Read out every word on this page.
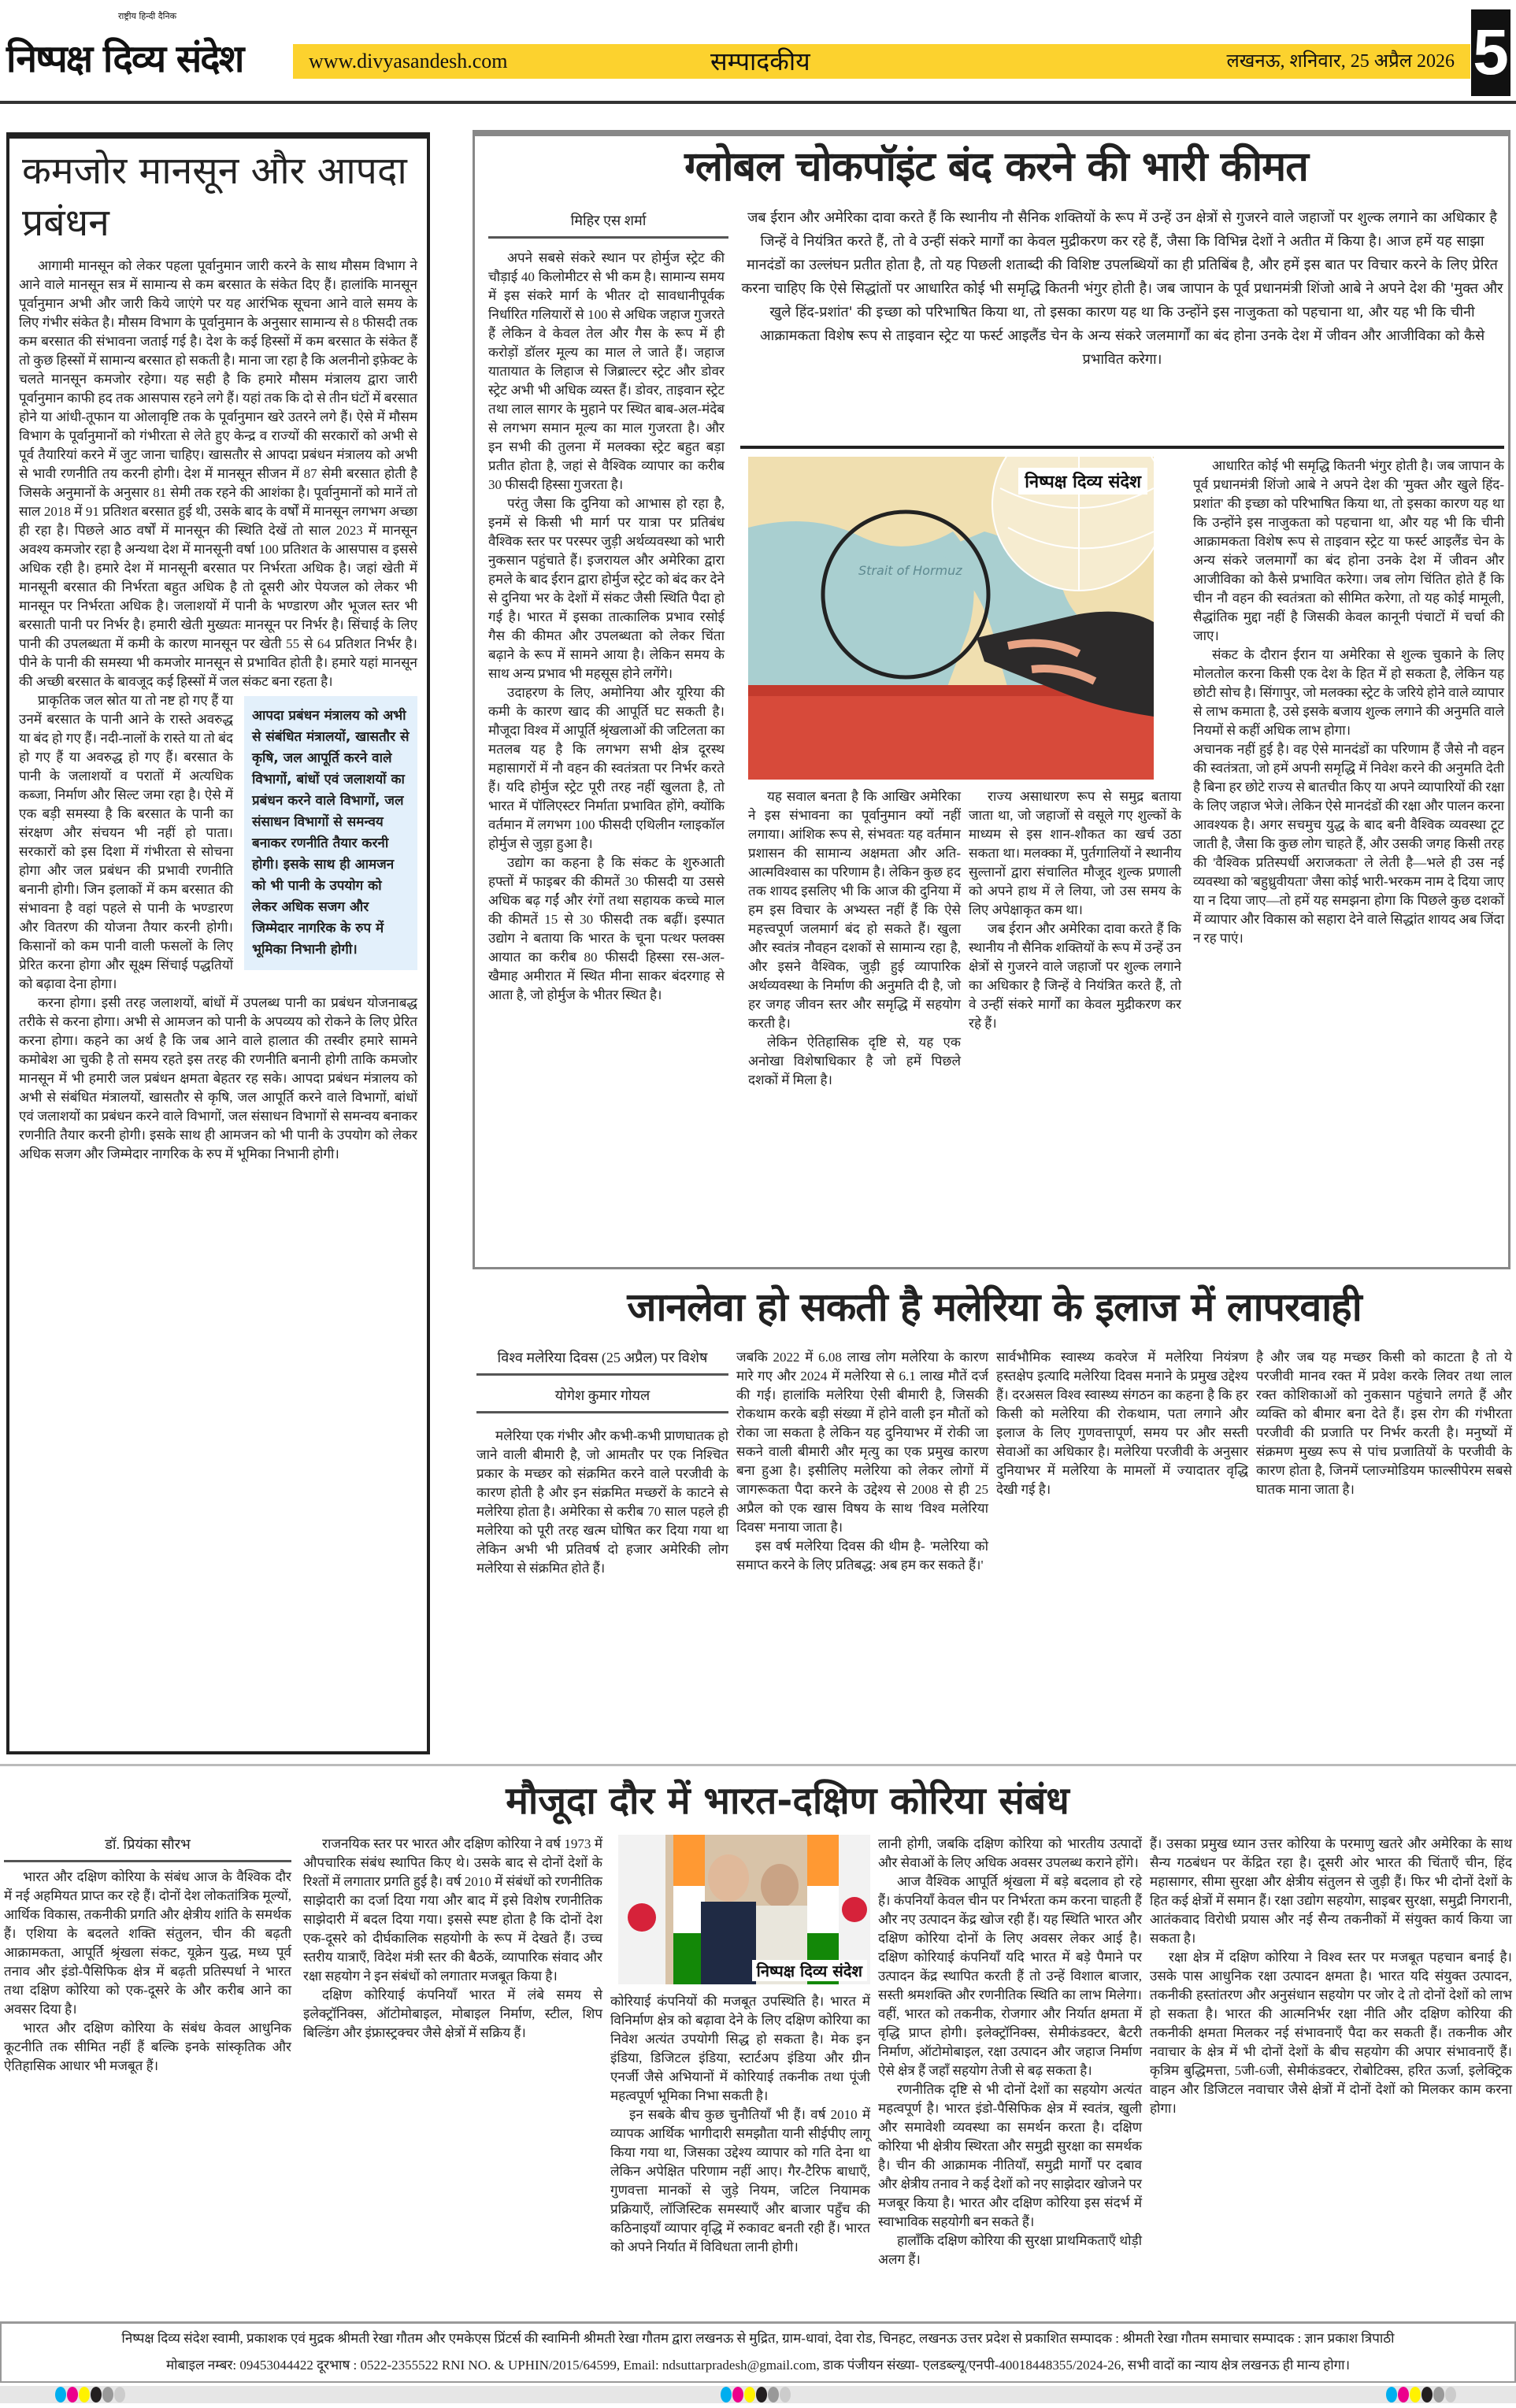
राष्ट्रीय हिन्दी दैनिक
निष्पक्ष दिव्य संदेश	www.divyasandesh.com	सम्पादकीय	लखनऊ, शनिवार, 25 अप्रैल 2026 5
कमजोर मानसून और आपदा प्रबंधन

आगामी मानसून को लेकर पहला पूर्वानुमान जारी करने के साथ मौसम विभाग ने आने वाले मानसून सत्र में सामान्य से कम बरसात के संकेत दिए हैं। हालांकि मानसून पूर्वानुमान अभी और जारी किये जाएंगे पर यह आरंभिक सूचना आने वाले समय के लिए गंभीर संकेत है। मौसम विभाग के पूर्वानुमान के अनुसार सामान्य से 8 फीसदी तक कम बरसात की संभावना जताई गई है। देश के कई हिस्सों में कम बरसात के संकेत हैं तो कुछ हिस्सों में सामान्य बरसात हो सकती है। माना जा रहा है कि अलनीनो इफ़ेक्ट के चलते मानसून कमजोर रहेगा। यह सही है कि हमारे मौसम मंत्रालय द्वारा जारी पूर्वानुमान काफी हद तक आसपास रहने लगे हैं। यहां तक कि दो से तीन घंटों में बरसात होने या आंधी-तूफान या ओलावृष्टि तक के पूर्वानुमान खरे उतरने लगे हैं। ऐसे में मौसम विभाग के पूर्वानुमानों को गंभीरता से लेते हुए केन्द्र व राज्यों की सरकारों को अभी से पूर्व तैयारियां करने में जुट जाना चाहिए। खासतौर से आपदा प्रबंधन मंत्रालय को अभी से भावी रणनीति तय करनी होगी। देश में मानसून सीजन में 87 सेमी बरसात होती है जिसके अनुमानों के अनुसार 81 सेमी तक रहने की आशंका है। पूर्वानुमानों को मानें तो साल 2018 में 91 प्रतिशत बरसात हुई थी, उसके बाद के वर्षों में मानसून लगभग अच्छा ही रहा है। पिछले आठ वर्षों में मानसून की स्थिति देखें तो साल 2023 में मानसून अवश्य कमजोर रहा है अन्यथा देश में मानसूनी वर्षा 100 प्रतिशत के आसपास व इससे अधिक रही है। हमारे देश में मानसूनी बरसात पर निर्भरता अधिक है। जहां खेती में मानसूनी बरसात की निर्भरता बहुत अधिक है तो दूसरी ओर पेयजल को लेकर भी मानसून पर निर्भरता अधिक है। जलाशयों में पानी के भण्डारण और भूजल स्तर भी बरसाती पानी पर निर्भर है। हमारी खेती मुख्यतः मानसून पर निर्भर है। सिंचाई के लिए पानी की उपलब्धता में कमी के कारण मानसून पर खेती 55 से 64 प्रतिशत निर्भर है। पीने के पानी की समस्या भी कमजोर मानसून से प्रभावित होती है। हमारे यहां मानसून की अच्छी बरसात के बावजूद कई हिस्सों में जल संकट बना रहता है।

आपदा प्रबंधन मंत्रालय को अभी से संबंधित मंत्रालयों, खासतौर से कृषि, जल आपूर्ति करने वाले विभागों, बांधों एवं जलाशयों का प्रबंधन करने वाले विभागों, जल संसाधन विभागों से समन्वय बनाकर रणनीति तैयार करनी होगी। इसके साथ ही आमजन को भी पानी के उपयोग को लेकर अधिक सजग और जिम्मेदार नागरिक के रुप में भूमिका निभानी होगी।

प्राकृतिक जल स्रोत या तो नष्ट हो गए हैं या उनमें बरसात के पानी आने के रास्ते अवरुद्ध या बंद हो गए हैं। नदी-नालों के रास्ते या तो बंद हो गए हैं या अवरुद्ध हो गए हैं। बरसात के पानी के जलाशयों व परातों में अत्यधिक कब्जा, निर्माण और सिल्ट जमा रहा है। ऐसे में एक बड़ी समस्या है कि बरसात के पानी का संरक्षण और संचयन भी नहीं हो पाता। सरकारों को इस दिशा में गंभीरता से सोचना होगा और जल प्रबंधन की प्रभावी रणनीति बनानी होगी। जिन इलाकों में कम बरसात की संभावना है वहां पहले से पानी के भण्डारण और वितरण की योजना तैयार करनी होगी। किसानों को कम पानी वाली फसलों के लिए प्रेरित करना होगा और सूक्ष्म सिंचाई पद्धतियों को बढ़ावा देना होगा।

करना होगा। इसी तरह जलाशयों, बांधों में उपलब्ध पानी का प्रबंधन योजनाबद्ध तरीके से करना होगा। अभी से आमजन को पानी के अपव्यय को रोकने के लिए प्रेरित करना होगा। कहने का अर्थ है कि जब आने वाले हालात की तस्वीर हमारे सामने कमोबेश आ चुकी है तो समय रहते इस तरह की रणनीति बनानी होगी ताकि कमजोर मानसून में भी हमारी जल प्रबंधन क्षमता बेहतर रह सके। आपदा प्रबंधन मंत्रालय को अभी से संबंधित मंत्रालयों, खासतौर से कृषि, जल आपूर्ति करने वाले विभागों, बांधों एवं जलाशयों का प्रबंधन करने वाले विभागों, जल संसाधन विभागों से समन्वय बनाकर रणनीति तैयार करनी होगी। इसके साथ ही आमजन को भी पानी के उपयोग को लेकर अधिक सजग और जिम्मेदार नागरिक के रुप में भूमिका निभानी होगी।

ग्लोबल चोकपॉइंट बंद करने की भारी कीमत
मिहिर एस शर्मा	जब ईरान और अमेरिका दावा करते हैं कि स्थानीय नौ सैनिक शक्तियों के रूप में उन्हें उन क्षेत्रों से गुजरने वाले जहाजों पर शुल्क लगाने का अधिकार है जिन्हें वे नियंत्रित करते हैं, तो वे उन्हीं संकरे मार्गों का केवल मुद्रीकरण कर रहे हैं, जैसा कि विभिन्न देशों ने अतीत में किया है। आज हमें यह साझा मानदंडों का उल्लंघन प्रतीत होता है, तो यह पिछली शताब्दी की विशिष्ट उपलब्धियों का ही प्रतिबिंब है, और हमें इस बात पर विचार करने के लिए प्रेरित करना चाहिए कि ऐसे सिद्धांतों पर आधारित कोई भी समृद्धि कितनी भंगुर होती है। जब जापान के पूर्व प्रधानमंत्री शिंजो आबे ने अपने देश की 'मुक्त और खुले हिंद-प्रशांत' की इच्छा को परिभाषित किया था, तो इसका कारण यह था कि उन्होंने इस नाजुकता को पहचाना था, और यह भी कि चीनी आक्रामकता विशेष रूप से ताइवान स्ट्रेट या फर्स्ट आइलैंड चेन के अन्य संकरे जलमार्गों का बंद होना उनके देश में जीवन और आजीविका को कैसे प्रभावित करेगा।

अपने सबसे संकरे स्थान पर होर्मुज स्ट्रेट की चौड़ाई 40 किलोमीटर से भी कम है। सामान्य समय में इस संकरे मार्ग के भीतर दो सावधानीपूर्वक निर्धारित गलियारों से 100 से अधिक जहाज गुजरते हैं लेकिन वे केवल तेल और गैस के रूप में ही करोड़ों डॉलर मूल्य का माल ले जाते हैं। जहाज यातायात के लिहाज से जिब्राल्टर स्ट्रेट और डोवर स्ट्रेट अभी भी अधिक व्यस्त हैं। डोवर, ताइवान स्ट्रेट तथा लाल सागर के मुहाने पर स्थित बाब-अल-मंदेब से लगभग समान मूल्य का माल गुजरता है। और इन सभी की तुलना में मलक्का स्ट्रेट बहुत बड़ा प्रतीत होता है, जहां से वैश्विक व्यापार का करीब 30 फीसदी हिस्सा गुजरता है।

परंतु जैसा कि दुनिया को आभास हो रहा है, इनमें से किसी भी मार्ग पर यात्रा पर प्रतिबंध वैश्विक स्तर पर परस्पर जुड़ी अर्थव्यवस्था को भारी नुकसान पहुंचाते हैं। इजरायल और अमेरिका द्वारा हमले के बाद ईरान द्वारा होर्मुज स्ट्रेट को बंद कर देने से दुनिया भर के देशों में संकट जैसी स्थिति पैदा हो गई है। भारत में इसका तात्कालिक प्रभाव रसोई गैस की कीमत और उपलब्धता को लेकर चिंता बढ़ाने के रूप में सामने आया है। लेकिन समय के साथ अन्य प्रभाव भी महसूस होने लगेंगे।

उदाहरण के लिए, अमोनिया और यूरिया की कमी के कारण खाद की आपूर्ति घट सकती है। मौजूदा विश्व में आपूर्ति श्रृंखलाओं की जटिलता का मतलब यह है कि लगभग सभी क्षेत्र दूरस्थ महासागरों में नौ वहन की स्वतंत्रता पर निर्भर करते हैं। यदि होर्मुज स्ट्रेट पूरी तरह नहीं खुलता है, तो भारत में पॉलिएस्टर निर्माता प्रभावित होंगे, क्योंकि वर्तमान में लगभग 100 फीसदी एथिलीन ग्लाइकॉल होर्मुज से जुड़ा हुआ है।

उद्योग का कहना है कि संकट के शुरुआती हफ्तों में फाइबर की कीमतें 30 फीसदी या उससे अधिक बढ़ गईं और रंगों तथा सहायक कच्चे माल की कीमतें 15 से 30 फीसदी तक बढ़ीं। इस्पात उद्योग ने बताया कि भारत के चूना पत्थर फ्लक्स आयात का करीब 80 फीसदी हिस्सा रस-अल-खैमाह अमीरात में स्थित मीना साकर बंदरगाह से आता है, जो होर्मुज के भीतर स्थित है।

Strait of Hormuz
निष्पक्ष दिव्य संदेश

यह सवाल बनता है कि आखिर अमेरिका ने इस संभावना का पूर्वानुमान क्यों नहीं लगाया। आंशिक रूप से, संभवतः यह वर्तमान प्रशासन की सामान्य अक्षमता और अति-आत्मविश्वास का परिणाम है। लेकिन कुछ हद तक शायद इसलिए भी कि आज की दुनिया में हम इस विचार के अभ्यस्त नहीं हैं कि ऐसे महत्त्वपूर्ण जलमार्ग बंद हो सकते हैं। खुला और स्वतंत्र नौवहन दशकों से सामान्य रहा है, और इसने वैश्विक, जुड़ी हुई व्यापारिक अर्थव्यवस्था के निर्माण की अनुमति दी है, जो हर जगह जीवन स्तर और समृद्धि में सहयोग करती है।

लेकिन ऐतिहासिक दृष्टि से, यह एक अनोखा विशेषाधिकार है जो हमें पिछले दशकों में मिला है।

राज्य असाधारण रूप से समुद्र बताया जाता था, जो जहाजों से वसूले गए शुल्कों के माध्यम से इस शान-शौकत का खर्च उठा सकता था। मलक्का में, पुर्तगालियों ने स्थानीय सुल्तानों द्वारा संचालित मौजूद शुल्क प्रणाली को अपने हाथ में ले लिया, जो उस समय के लिए अपेक्षाकृत कम था।

जब ईरान और अमेरिका दावा करते हैं कि स्थानीय नौ सैनिक शक्तियों के रूप में उन्हें उन क्षेत्रों से गुजरने वाले जहाजों पर शुल्क लगाने का अधिकार है जिन्हें वे नियंत्रित करते हैं, तो वे उन्हीं संकरे मार्गों का केवल मुद्रीकरण कर रहे हैं।

आधारित कोई भी समृद्धि कितनी भंगुर होती है। जब जापान के पूर्व प्रधानमंत्री शिंजो आबे ने अपने देश की 'मुक्त और खुले हिंद-प्रशांत' की इच्छा को परिभाषित किया था, तो इसका कारण यह था कि उन्होंने इस नाजुकता को पहचाना था, और यह भी कि चीनी आक्रामकता विशेष रूप से ताइवान स्ट्रेट या फर्स्ट आइलैंड चेन के अन्य संकरे जलमार्गों का बंद होना उनके देश में जीवन और आजीविका को कैसे प्रभावित करेगा। जब लोग चिंतित होते हैं कि चीन नौ वहन की स्वतंत्रता को सीमित करेगा, तो यह कोई मामूली, सैद्धांतिक मुद्दा नहीं है जिसकी केवल कानूनी पंचाटों में चर्चा की जाए।

संकट के दौरान ईरान या अमेरिका से शुल्क चुकाने के लिए मोलतोल करना किसी एक देश के हित में हो सकता है, लेकिन यह छोटी सोच है। सिंगापुर, जो मलक्का स्ट्रेट के जरिये होने वाले व्यापार से लाभ कमाता है, उसे इसके बजाय शुल्क लगाने की अनुमति वाले नियमों से कहीं अधिक लाभ होगा।

अचानक नहीं हुई है। वह ऐसे मानदंडों का परिणाम हैं जैसे नौ वहन की स्वतंत्रता, जो हमें अपनी समृद्धि में निवेश करने की अनुमति देती है बिना हर छोटे राज्य से बातचीत किए या अपने व्यापारियों की रक्षा के लिए जहाज भेजे। लेकिन ऐसे मानदंडों की रक्षा और पालन करना आवश्यक है। अगर सचमुच युद्ध के बाद बनी वैश्विक व्यवस्था टूट जाती है, जैसा कि कुछ लोग चाहते हैं, और उसकी जगह किसी तरह की 'वैश्विक प्रतिस्पर्धी अराजकता' ले लेती है—भले ही उस नई व्यवस्था को 'बहुध्रुवीयता' जैसा कोई भारी-भरकम नाम दे दिया जाए या न दिया जाए—तो हमें यह समझना होगा कि पिछले कुछ दशकों में व्यापार और विकास को सहारा देने वाले सिद्धांत शायद अब जिंदा न रह पाएं।

जानलेवा हो सकती है मलेरिया के इलाज में लापरवाही
विश्व मलेरिया दिवस (25 अप्रैल) पर विशेष
योगेश कुमार गोयल

मलेरिया एक गंभीर और कभी-कभी प्राणघातक हो जाने वाली बीमारी है, जो आमतौर पर एक निश्चित प्रकार के मच्छर को संक्रमित करने वाले परजीवी के कारण होती है और इन संक्रमित मच्छरों के काटने से मलेरिया होता है। अमेरिका से करीब 70 साल पहले ही मलेरिया को पूरी तरह खत्म घोषित कर दिया गया था लेकिन अभी भी प्रतिवर्ष दो हजार अमेरिकी लोग मलेरिया से संक्रमित होते हैं।

जबकि 2022 में 6.08 लाख लोग मलेरिया के कारण मारे गए और 2024 में मलेरिया से 6.1 लाख मौतें दर्ज की गई। हालांकि मलेरिया ऐसी बीमारी है, जिसकी रोकथाम करके बड़ी संख्या में होने वाली इन मौतों को रोका जा सकता है लेकिन यह दुनियाभर में रोकी जा सकने वाली बीमारी और मृत्यु का एक प्रमुख कारण बना हुआ है। इसीलिए मलेरिया को लेकर लोगों में जागरूकता पैदा करने के उद्देश्य से 2008 से ही 25 अप्रैल को एक खास विषय के साथ 'विश्व मलेरिया दिवस' मनाया जाता है।

इस वर्ष मलेरिया दिवस की थीम है- 'मलेरिया को समाप्त करने के लिए प्रतिबद्ध: अब हम कर सकते हैं।'

सार्वभौमिक स्वास्थ्य कवरेज में मलेरिया नियंत्रण हस्तक्षेप इत्यादि मलेरिया दिवस मनाने के प्रमुख उद्देश्य हैं। दरअसल विश्व स्वास्थ्य संगठन का कहना है कि हर किसी को मलेरिया की रोकथाम, पता लगाने और इलाज के लिए गुणवत्तापूर्ण, समय पर और सस्ती सेवाओं का अधिकार है। मलेरिया परजीवी के अनुसार दुनियाभर में मलेरिया के मामलों में ज्यादातर वृद्धि देखी गई है।

है और जब यह मच्छर किसी को काटता है तो ये परजीवी मानव रक्त में प्रवेश करके लिवर तथा लाल रक्त कोशिकाओं को नुकसान पहुंचाने लगते हैं और व्यक्ति को बीमार बना देते हैं। इस रोग की गंभीरता परजीवी की प्रजाति पर निर्भर करती है। मनुष्यों में संक्रमण मुख्य रूप से पांच प्रजातियों के परजीवी के कारण होता है, जिनमें प्लाज्मोडियम फाल्सीपेरम सबसे घातक माना जाता है।

मौजूदा दौर में भारत-दक्षिण कोरिया संबंध
डॉ. प्रियंका सौरभ

भारत और दक्षिण कोरिया के संबंध आज के वैश्विक दौर में नई अहमियत प्राप्त कर रहे हैं। दोनों देश लोकतांत्रिक मूल्यों, आर्थिक विकास, तकनीकी प्रगति और क्षेत्रीय शांति के समर्थक हैं। एशिया के बदलते शक्ति संतुलन, चीन की बढ़ती आक्रामकता, आपूर्ति श्रृंखला संकट, यूक्रेन युद्ध, मध्य पूर्व तनाव और इंडो-पैसिफिक क्षेत्र में बढ़ती प्रतिस्पर्धा ने भारत तथा दक्षिण कोरिया को एक-दूसरे के और करीब आने का अवसर दिया है।

भारत और दक्षिण कोरिया के संबंध केवल आधुनिक कूटनीति तक सीमित नहीं हैं बल्कि इनके सांस्कृतिक और ऐतिहासिक आधार भी मजबूत हैं।

राजनयिक स्तर पर भारत और दक्षिण कोरिया ने वर्ष 1973 में औपचारिक संबंध स्थापित किए थे। उसके बाद से दोनों देशों के रिश्तों में लगातार प्रगति हुई है। वर्ष 2010 में संबंधों को रणनीतिक साझेदारी का दर्जा दिया गया और बाद में इसे विशेष रणनीतिक साझेदारी में बदल दिया गया। इससे स्पष्ट होता है कि दोनों देश एक-दूसरे को दीर्घकालिक सहयोगी के रूप में देखते हैं। उच्च स्तरीय यात्राएँ, विदेश मंत्री स्तर की बैठकें, व्यापारिक संवाद और रक्षा सहयोग ने इन संबंधों को लगातार मजबूत किया है।

दक्षिण कोरियाई कंपनियाँ भारत में लंबे समय से इलेक्ट्रॉनिक्स, ऑटोमोबाइल, मोबाइल निर्माण, स्टील, शिप बिल्डिंग और इंफ्रास्ट्रक्चर जैसे क्षेत्रों में सक्रिय हैं।

निष्पक्ष दिव्य संदेश

कोरियाई कंपनियों की मजबूत उपस्थिति है। भारत में विनिर्माण क्षेत्र को बढ़ावा देने के लिए दक्षिण कोरिया का निवेश अत्यंत उपयोगी सिद्ध हो सकता है। मेक इन इंडिया, डिजिटल इंडिया, स्टार्टअप इंडिया और ग्रीन एनर्जी जैसे अभियानों में कोरियाई तकनीक तथा पूंजी महत्वपूर्ण भूमिका निभा सकती है।

इन सबके बीच कुछ चुनौतियाँ भी हैं। वर्ष 2010 में व्यापक आर्थिक भागीदारी समझौता यानी सीईपीए लागू किया गया था, जिसका उद्देश्य व्यापार को गति देना था लेकिन अपेक्षित परिणाम नहीं आए। गैर-टैरिफ बाधाएँ, गुणवत्ता मानकों से जुड़े नियम, जटिल नियामक प्रक्रियाएँ, लॉजिस्टिक समस्याएँ और बाजार पहुँच की कठिनाइयाँ व्यापार वृद्धि में रुकावट बनती रही हैं। भारत को अपने निर्यात में विविधता लानी होगी।

लानी होगी, जबकि दक्षिण कोरिया को भारतीय उत्पादों और सेवाओं के लिए अधिक अवसर उपलब्ध कराने होंगे।

आज वैश्विक आपूर्ति श्रृंखला में बड़े बदलाव हो रहे हैं। कंपनियाँ केवल चीन पर निर्भरता कम करना चाहती हैं और नए उत्पादन केंद्र खोज रही हैं। यह स्थिति भारत और दक्षिण कोरिया दोनों के लिए अवसर लेकर आई है। दक्षिण कोरियाई कंपनियाँ यदि भारत में बड़े पैमाने पर उत्पादन केंद्र स्थापित करती हैं तो उन्हें विशाल बाजार, सस्ती श्रमशक्ति और रणनीतिक स्थिति का लाभ मिलेगा। वहीं, भारत को तकनीक, रोजगार और निर्यात क्षमता में वृद्धि प्राप्त होगी। इलेक्ट्रॉनिक्स, सेमीकंडक्टर, बैटरी निर्माण, ऑटोमोबाइल, रक्षा उत्पादन और जहाज निर्माण ऐसे क्षेत्र हैं जहाँ सहयोग तेजी से बढ़ सकता है।

रणनीतिक दृष्टि से भी दोनों देशों का सहयोग अत्यंत महत्वपूर्ण है। भारत इंडो-पैसिफिक क्षेत्र में स्वतंत्र, खुली और समावेशी व्यवस्था का समर्थन करता है। दक्षिण कोरिया भी क्षेत्रीय स्थिरता और समुद्री सुरक्षा का समर्थक है। चीन की आक्रामक नीतियाँ, समुद्री मार्गों पर दबाव और क्षेत्रीय तनाव ने कई देशों को नए साझेदार खोजने पर मजबूर किया है। भारत और दक्षिण कोरिया इस संदर्भ में स्वाभाविक सहयोगी बन सकते हैं।

हालाँकि दक्षिण कोरिया की सुरक्षा प्राथमिकताएँ थोड़ी अलग हैं।

हैं। उसका प्रमुख ध्यान उत्तर कोरिया के परमाणु खतरे और अमेरिका के साथ सैन्य गठबंधन पर केंद्रित रहा है। दूसरी ओर भारत की चिंताएँ चीन, हिंद महासागर, सीमा सुरक्षा और क्षेत्रीय संतुलन से जुड़ी हैं। फिर भी दोनों देशों के हित कई क्षेत्रों में समान हैं। रक्षा उद्योग सहयोग, साइबर सुरक्षा, समुद्री निगरानी, आतंकवाद विरोधी प्रयास और नई सैन्य तकनीकों में संयुक्त कार्य किया जा सकता है।

रक्षा क्षेत्र में दक्षिण कोरिया ने विश्व स्तर पर मजबूत पहचान बनाई है। उसके पास आधुनिक रक्षा उत्पादन क्षमता है। भारत यदि संयुक्त उत्पादन, तकनीकी हस्तांतरण और अनुसंधान सहयोग पर जोर दे तो दोनों देशों को लाभ हो सकता है। भारत की आत्मनिर्भर रक्षा नीति और दक्षिण कोरिया की तकनीकी क्षमता मिलकर नई संभावनाएँ पैदा कर सकती हैं। तकनीक और नवाचार के क्षेत्र में भी दोनों देशों के बीच सहयोग की अपार संभावनाएँ हैं। कृत्रिम बुद्धिमत्ता, 5जी-6जी, सेमीकंडक्टर, रोबोटिक्स, हरित ऊर्जा, इलेक्ट्रिक वाहन और डिजिटल नवाचार जैसे क्षेत्रों में दोनों देशों को मिलकर काम करना होगा।

निष्पक्ष दिव्य संदेश स्वामी, प्रकाशक एवं मुद्रक श्रीमती रेखा गौतम और एमकेएस प्रिंटर्स की स्वामिनी श्रीमती रेखा गौतम द्वारा लखनऊ से मुद्रित, ग्राम-धावां, देवा रोड, चिनहट, लखनऊ उत्तर प्रदेश से प्रकाशित सम्पादक : श्रीमती रेखा गौतम समाचार सम्पादक : ज्ञान प्रकाश त्रिपाठी
मोबाइल नम्बर: 09453044422 दूरभाष : 0522-2355522 RNI NO. & UPHIN/2015/64599, Email: ndsuttarpradesh@gmail.com, डाक पंजीयन संख्या- एलडब्ल्यू/एनपी-40018448355/2024-26, सभी वादों का न्याय क्षेत्र लखनऊ ही मान्य होगा।
